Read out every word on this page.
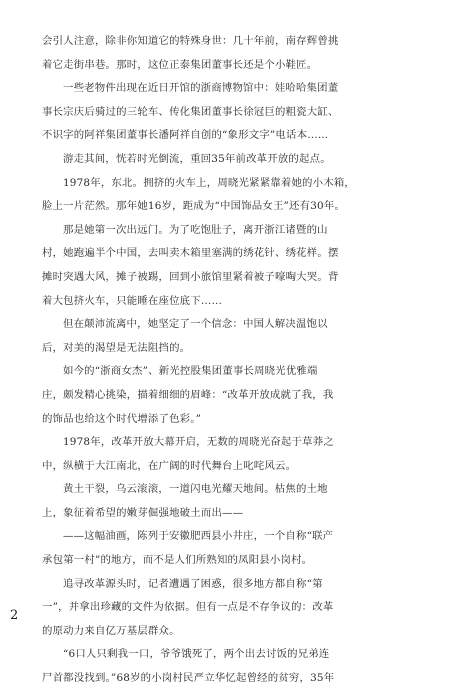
会引人注意，除非你知道它的特殊身世：几十年前，南存辉曾挑
着它走街串巷。那时，这位正泰集团董事长还是个小鞋匠。
一些老物件出现在近日开馆的浙商博物馆中：娃哈哈集团董
事长宗庆后骑过的三轮车、传化集团董事长徐冠巨的粗瓷大缸、
不识字的阿祥集团董事长潘阿祥自创的“象形文字”电话本……
游走其间，恍若时光倒流，重回35年前改革开放的起点。
1978年，东北。拥挤的火车上，周晓光紧紧靠着她的小木箱，
脸上一片茫然。那年她16岁，距成为“中国饰品女王”还有30年。
那是她第一次出远门。为了吃饱肚子，离开浙江诸暨的山
村，她跑遍半个中国，去叫卖木箱里塞满的绣花针、绣花样。摆
摊时突遇大风，摊子被踢，回到小旅馆里紧着被子嚎啕大哭。背
着大包挤火车，只能睡在座位底下……
但在颠沛流离中，她坚定了一个信念：中国人解决温饱以
后，对美的渴望是无法阻挡的。
如今的“浙商女杰”、新光控股集团董事长周晓光优雅端
庄，颇发精心挑染，描着细细的眉峰：“改革开放成就了我，我
的饰品也给这个时代增添了色彩。”
1978年，改革开放大幕开启，无数的周晓光奋起于草莽之
中，纵横于大江南北，在广阔的时代舞台上叱咤风云。
黄土干裂，乌云滚滚，一道闪电光耀天地间。枯焦的土地
上，象征着希望的嫩芽倔强地破土而出——
——这幅油画，陈列于安徽肥西县小井庄，一个自称“联产
承包第一村”的地方，而不是人们所熟知的凤阳县小岗村。
追寻改革源头时，记者遭遇了困惑，很多地方都自称“第
一”，并拿出珍藏的文件为依据。但有一点是不存争议的：改革
的原动力来自亿万基层群众。
“6口人只剩我一口，爷爷饿死了，两个出去讨饭的兄弟连
尸首都没找到。”68岁的小岗村民严立华忆起曾经的贫穷，35年
2
